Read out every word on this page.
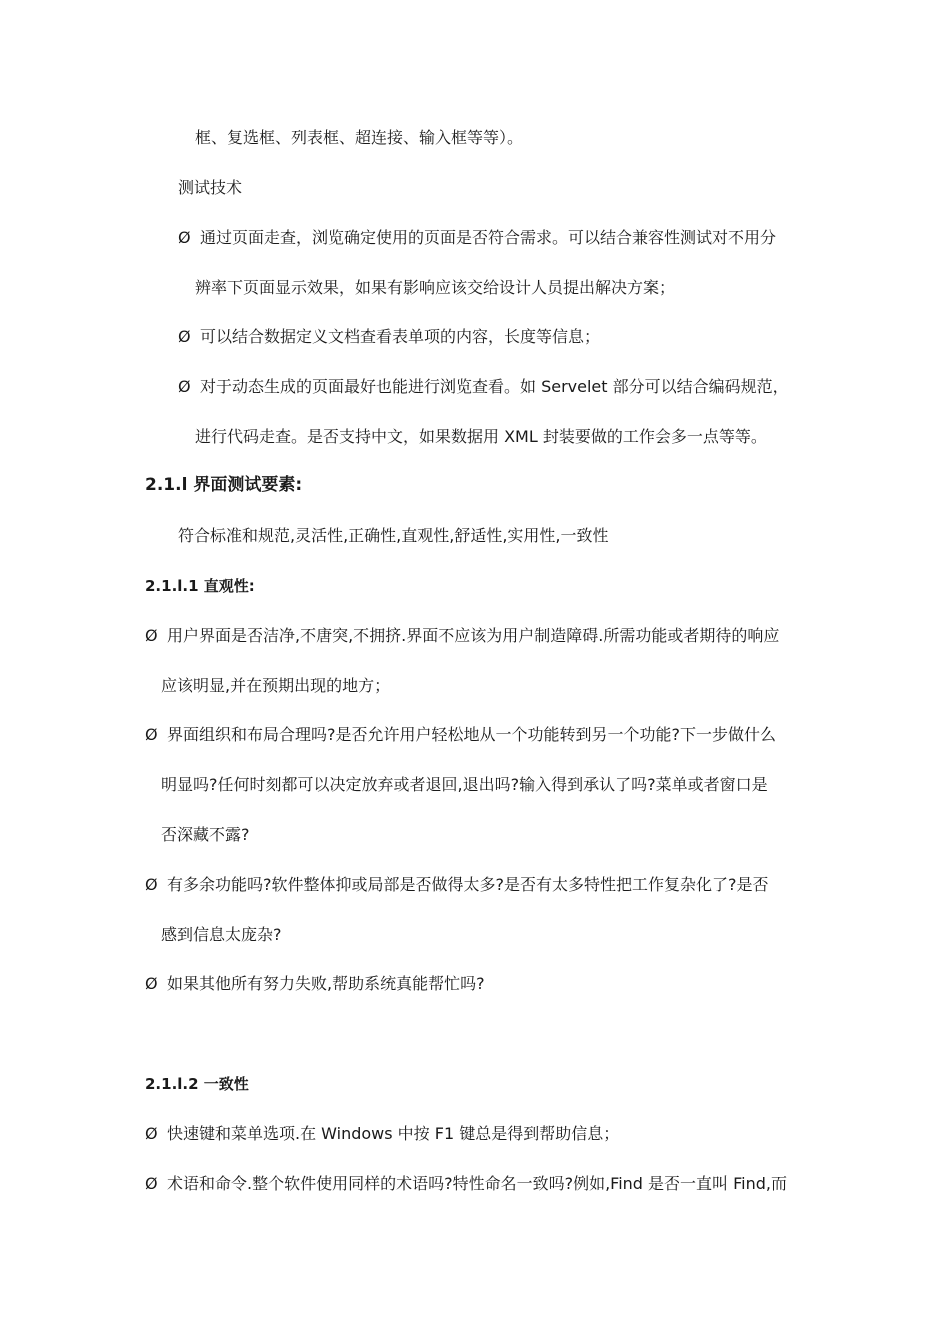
框、复选框、列表框、超连接、输入框等等）。
测试技术
Ø 通过页面走查，浏览确定使用的页面是否符合需求。可以结合兼容性测试对不用分
辨率下页面显示效果，如果有影响应该交给设计人员提出解决方案；
Ø 可以结合数据定义文档查看表单项的内容，长度等信息；
Ø 对于动态生成的页面最好也能进行浏览查看。如 Servelet 部分可以结合编码规范，
进行代码走查。是否支持中文，如果数据用 XML 封装要做的工作会多一点等等。
2.1.l 界面测试要素:
符合标准和规范,灵活性,正确性,直观性,舒适性,实用性,一致性
2.1.l.1 直观性:
Ø 用户界面是否洁净,不唐突,不拥挤.界面不应该为用户制造障碍.所需功能或者期待的响应
应该明显,并在预期出现的地方；
Ø 界面组织和布局合理吗?是否允许用户轻松地从一个功能转到另一个功能?下一步做什么
明显吗?任何时刻都可以决定放弃或者退回,退出吗?输入得到承认了吗?菜单或者窗口是
否深藏不露?
Ø 有多余功能吗?软件整体抑或局部是否做得太多?是否有太多特性把工作复杂化了?是否
感到信息太庞杂?
Ø 如果其他所有努力失败,帮助系统真能帮忙吗?
2.1.l.2 一致性
Ø 快速键和菜单选项.在 Windows 中按 F1 键总是得到帮助信息；
Ø 术语和命令.整个软件使用同样的术语吗?特性命名一致吗?例如,Find 是否一直叫 Find,而
